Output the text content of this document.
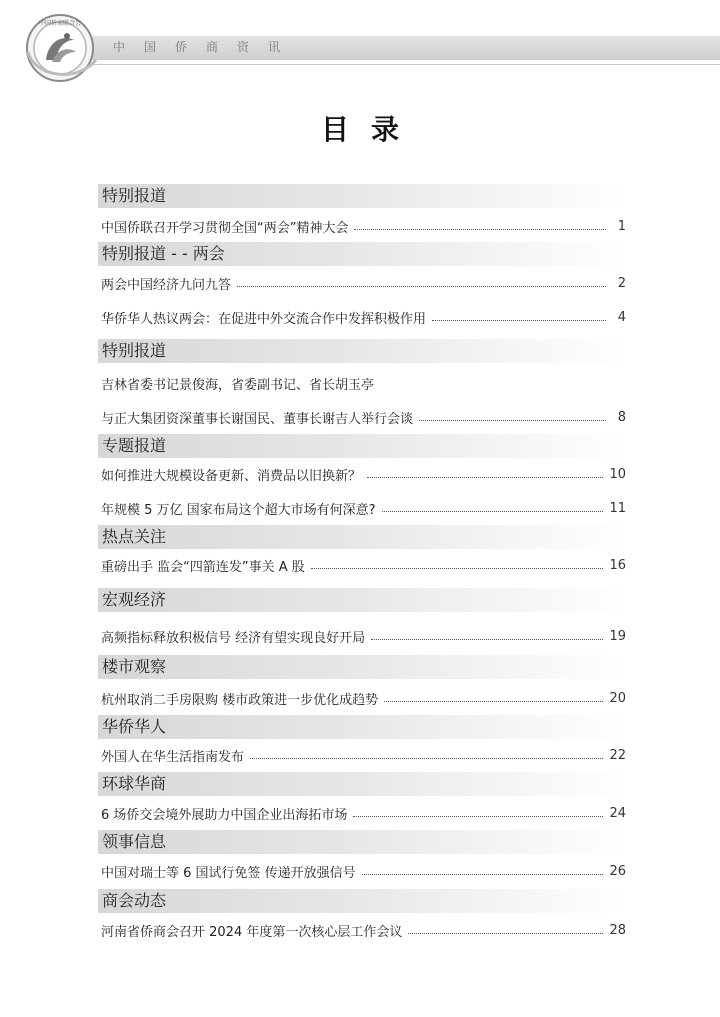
中国侨商资讯
中国侨商联合会
目录
特别报道
中国侨联召开学习贯彻全国“两会”精神大会	1
特别报道 - - 两会
两会中国经济九问九答	2
华侨华人热议两会：在促进中外交流合作中发挥积极作用	4
特别报道
吉林省委书记景俊海，省委副书记、省长胡玉亭
与正大集团资深董事长谢国民、董事长谢吉人举行会谈	8
专题报道
如何推进大规模设备更新、消费品以旧换新？	10
年规模 5 万亿 国家布局这个超大市场有何深意?	11
热点关注
重磅出手 监会“四箭连发”事关 A 股	16
宏观经济
高频指标释放积极信号 经济有望实现良好开局	19
楼市观察
杭州取消二手房限购 楼市政策进一步优化成趋势	20
华侨华人
外国人在华生活指南发布	22
环球华商
6 场侨交会境外展助力中国企业出海拓市场	24
领事信息
中国对瑞士等 6 国试行免签 传递开放强信号	26
商会动态
河南省侨商会召开 2024 年度第一次核心层工作会议	28
